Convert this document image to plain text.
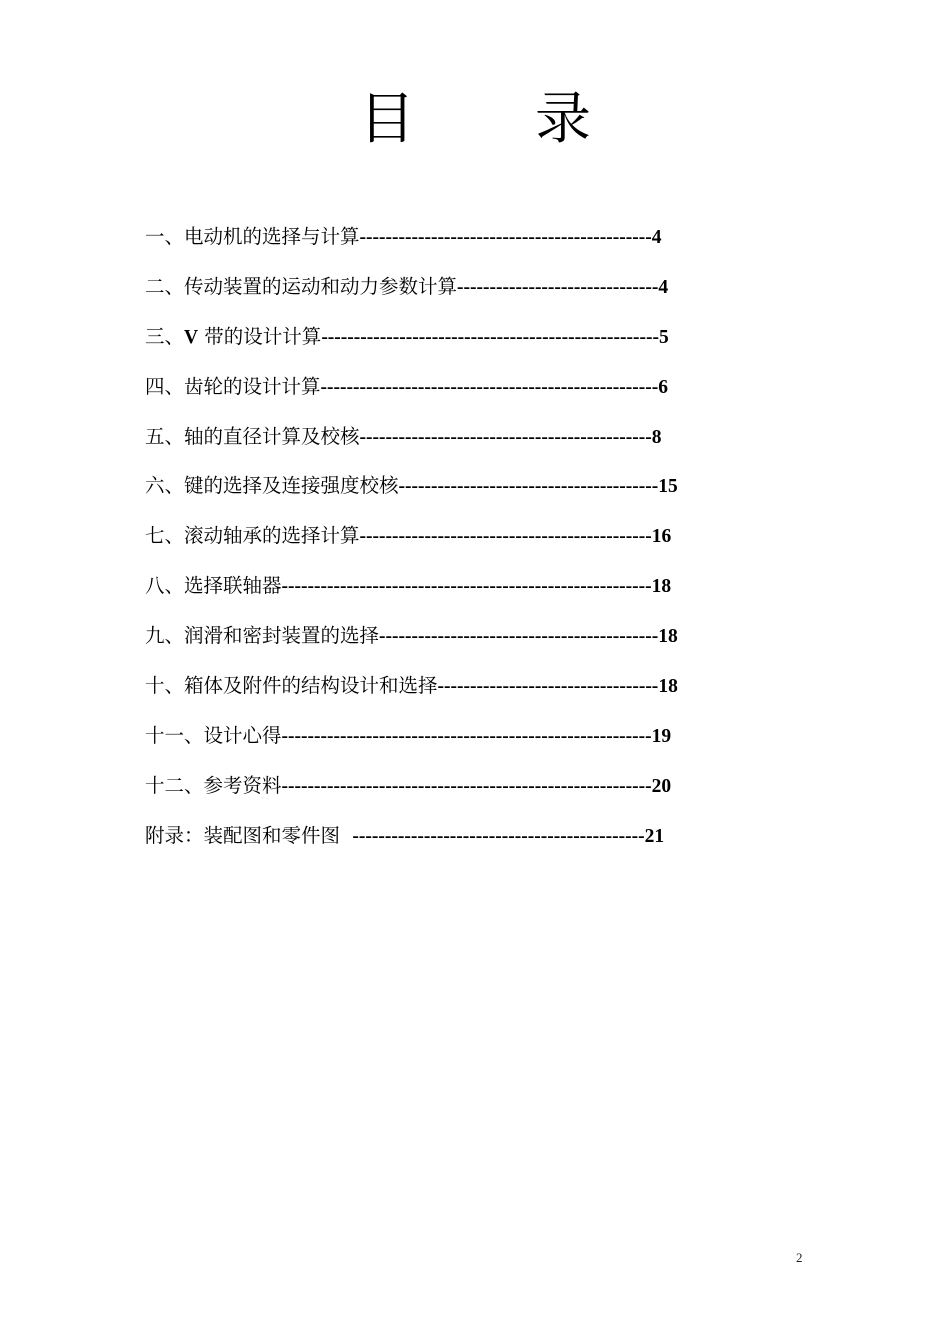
目 录
一、电动机的选择与计算---------------------------------------------4
二、传动装置的运动和动力参数计算-------------------------------4
三、V 带的设计计算----------------------------------------------------5
四、齿轮的设计计算----------------------------------------------------6
五、轴的直径计算及校核---------------------------------------------8
六、键的选择及连接强度校核----------------------------------------15
七、滚动轴承的选择计算---------------------------------------------16
八、选择联轴器---------------------------------------------------------18
九、润滑和密封装置的选择-------------------------------------------18
十、箱体及附件的结构设计和选择----------------------------------18
十一、设计心得---------------------------------------------------------19
十二、参考资料---------------------------------------------------------20
附录：装配图和零件图  ---------------------------------------------21
2
